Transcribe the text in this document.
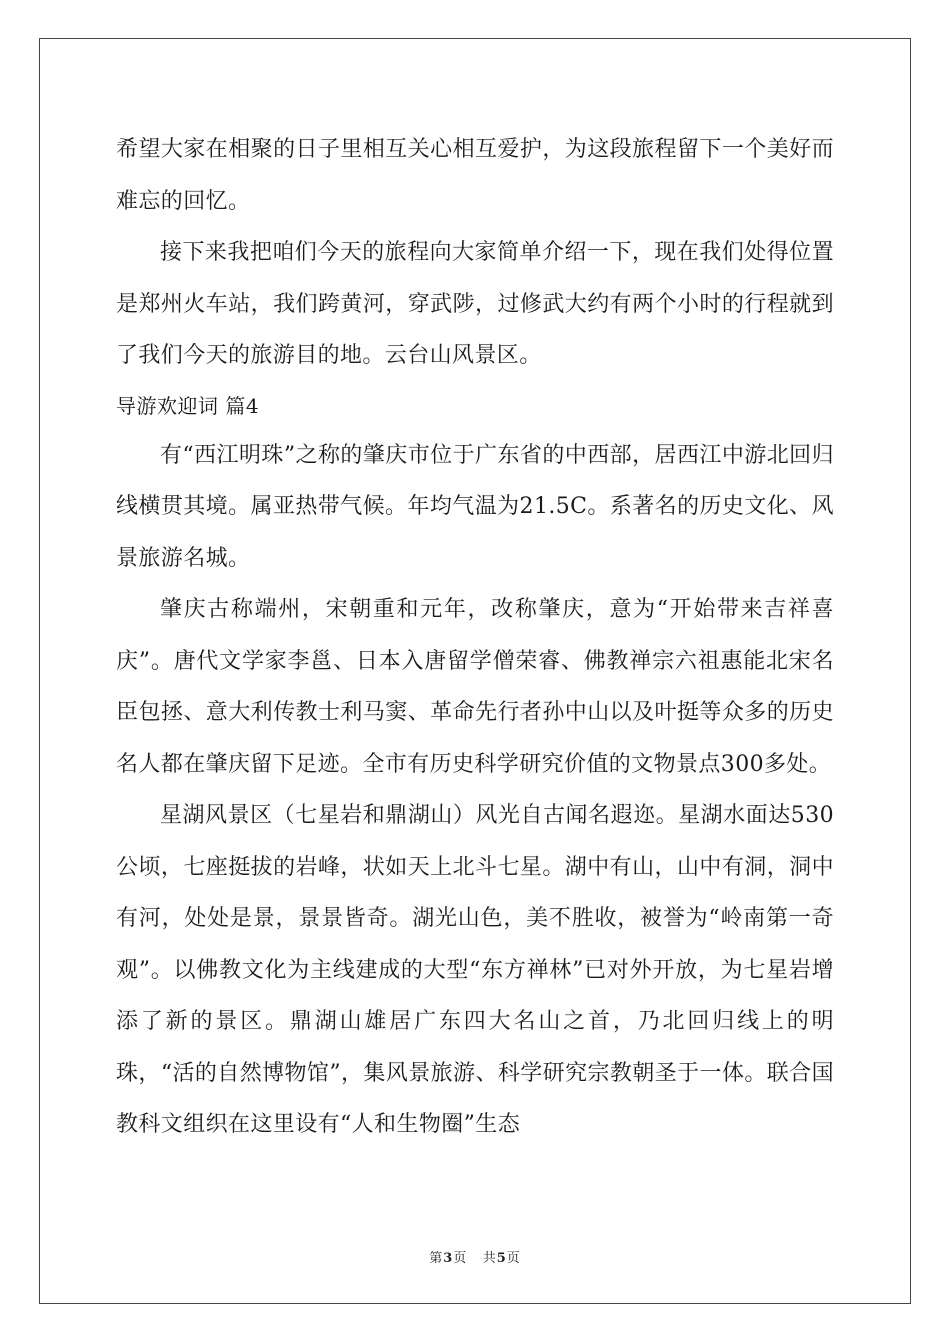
希望大家在相聚的日子里相互关心相互爱护，为这段旅程留下一个美好而难忘的回忆。

接下来我把咱们今天的旅程向大家简单介绍一下，现在我们处得位置是郑州火车站，我们跨黄河，穿武陟，过修武大约有两个小时的行程就到了我们今天的旅游目的地。云台山风景区。

导游欢迎词 篇4

有“西江明珠”之称的肇庆市位于广东省的中西部，居西江中游北回归线横贯其境。属亚热带气候。年均气温为21.5C。系著名的历史文化、风景旅游名城。

肇庆古称端州，宋朝重和元年，改称肇庆，意为“开始带来吉祥喜庆”。唐代文学家李邕、日本入唐留学僧荣睿、佛教禅宗六祖惠能北宋名臣包拯、意大利传教士利马窦、革命先行者孙中山以及叶挺等众多的历史名人都在肇庆留下足迹。全市有历史科学研究价值的文物景点300多处。

星湖风景区（七星岩和鼎湖山）风光自古闻名遐迩。星湖水面达530公顷，七座挺拔的岩峰，状如天上北斗七星。湖中有山，山中有洞，洞中有河，处处是景，景景皆奇。湖光山色，美不胜收，被誉为“岭南第一奇观”。以佛教文化为主线建成的大型“东方禅林”已对外开放，为七星岩增添了新的景区。鼎湖山雄居广东四大名山之首，乃北回归线上的明珠，“活的自然博物馆”，集风景旅游、科学研究宗教朝圣于一体。联合国教科文组织在这里设有“人和生物圈”生态

第3页   共5页
